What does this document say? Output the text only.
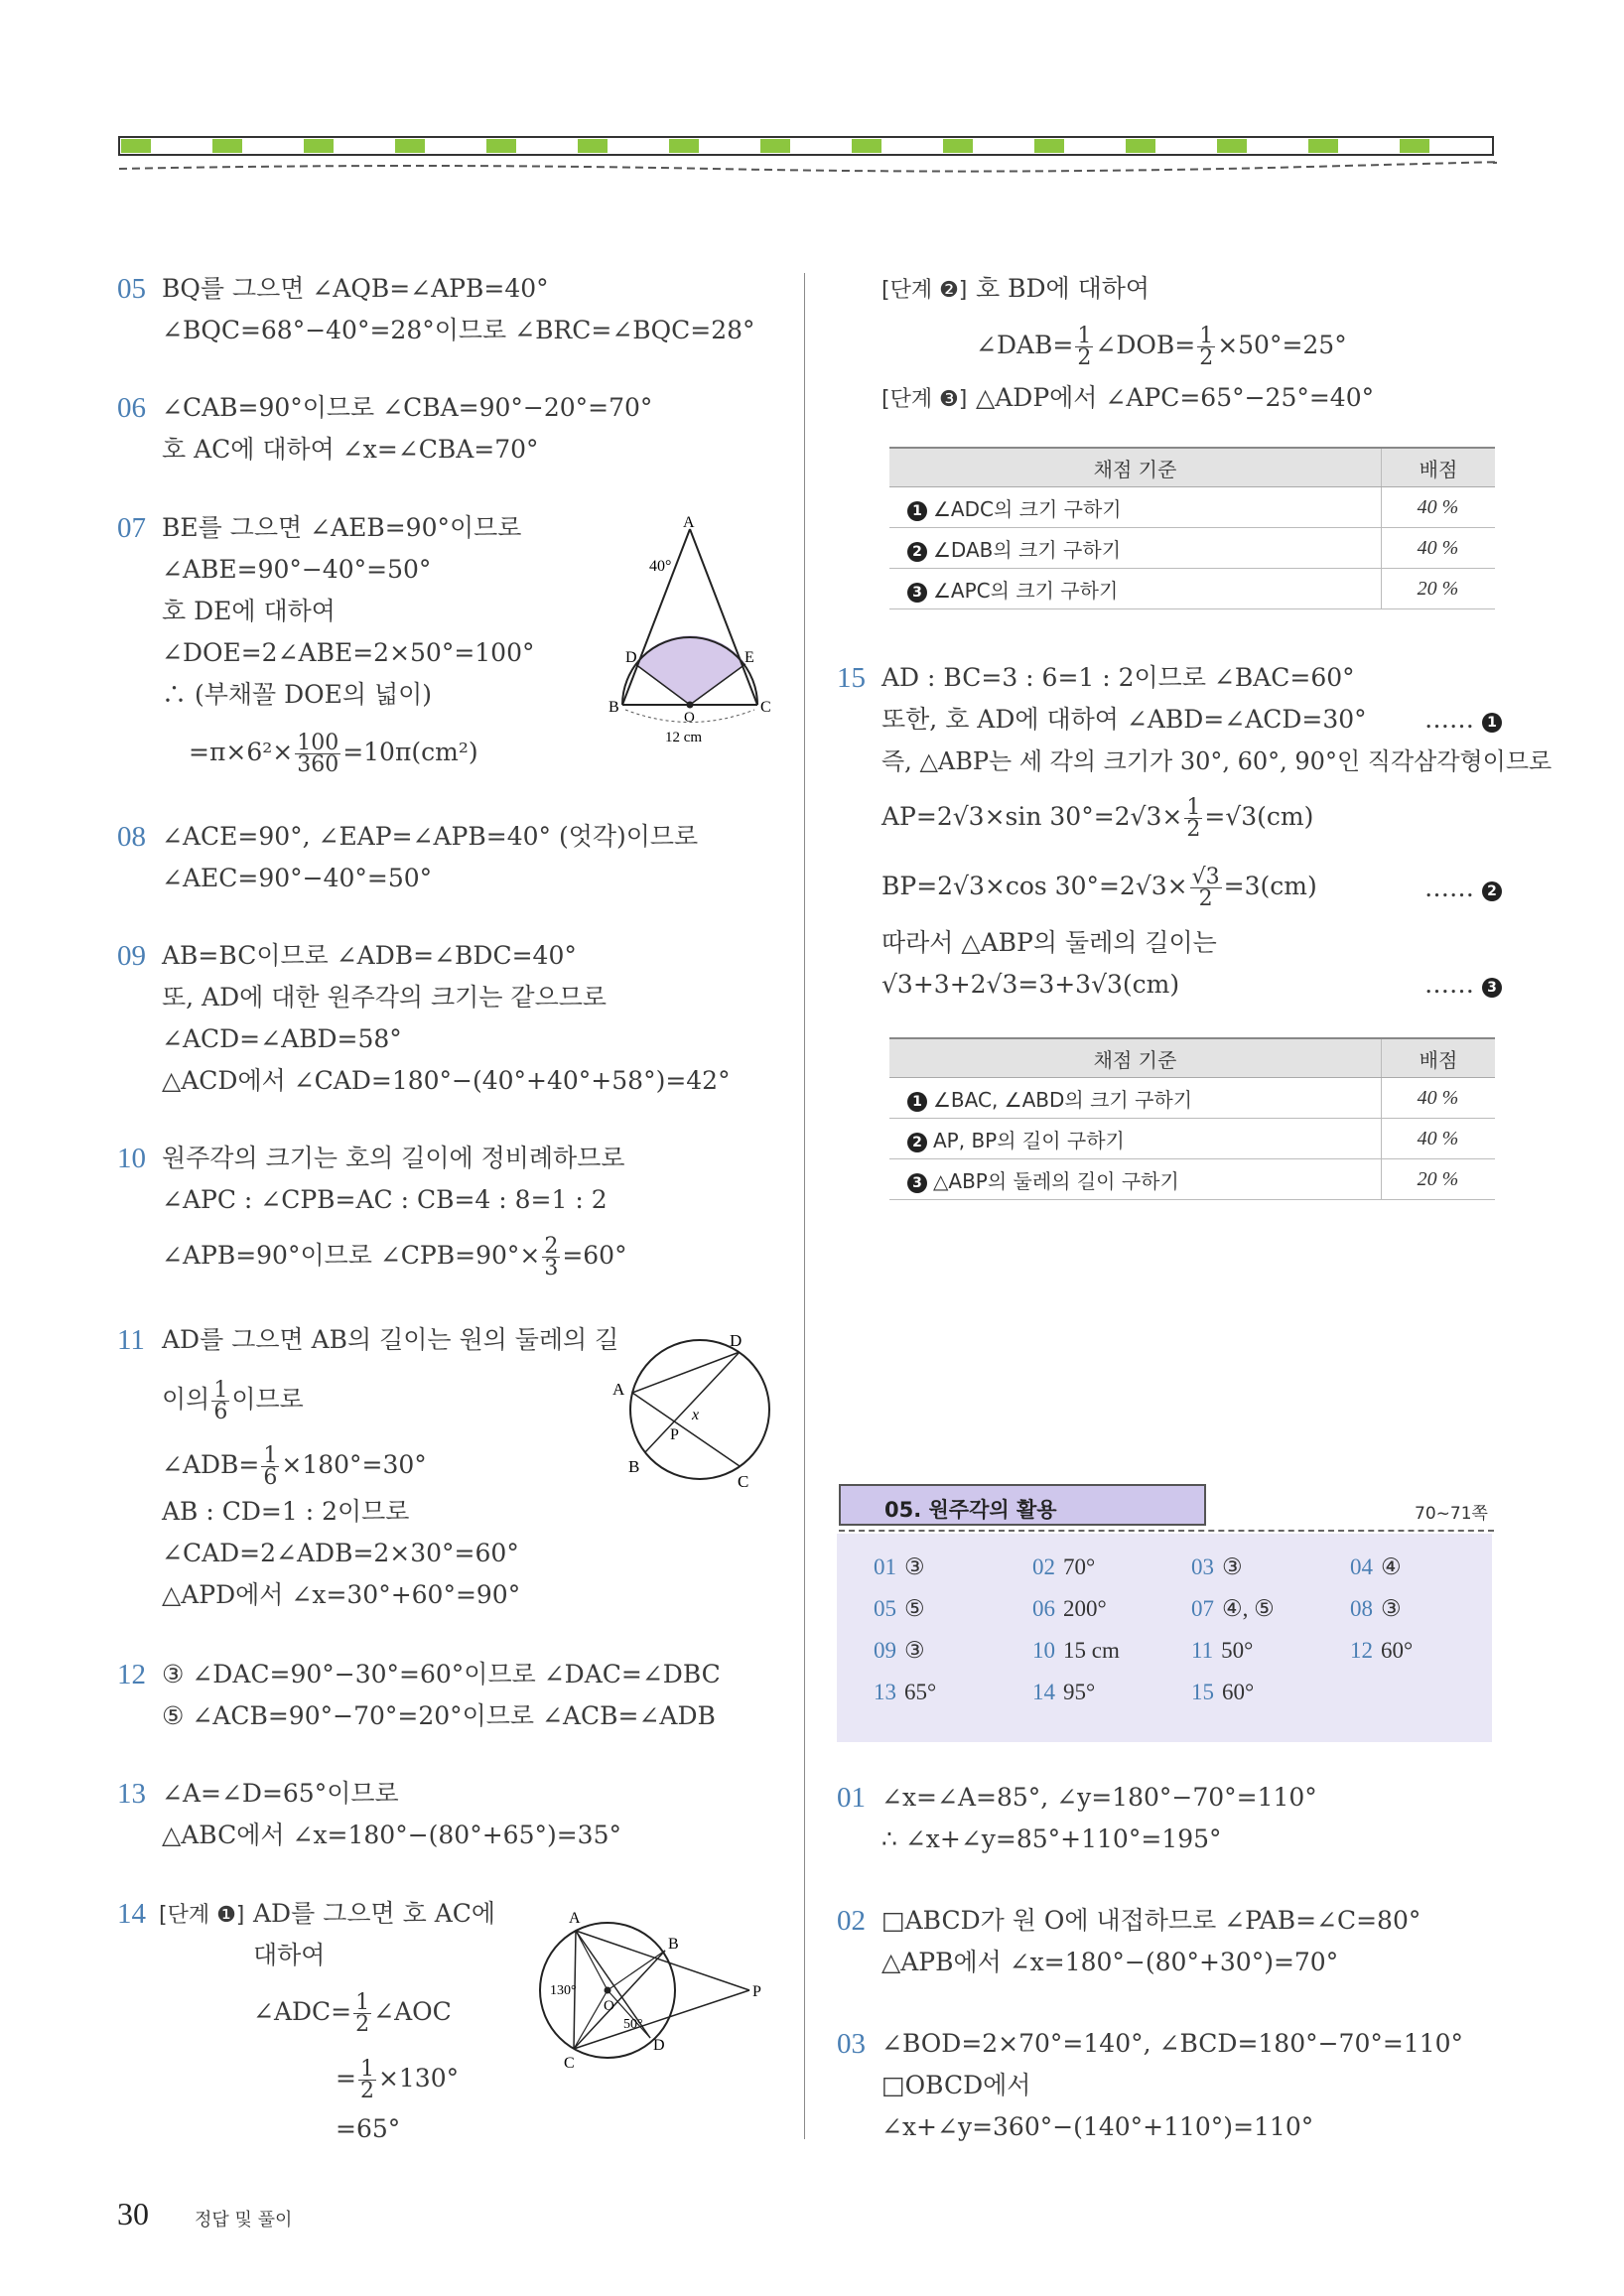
05 BQ를 그으면 ∠AQB=∠APB=40°
∠BQC=68°−40°=28°이므로 ∠BRC=∠BQC=28°
06 ∠CAB=90°이므로 ∠CBA=90°−20°=70°
호 AC에 대하여 ∠x=∠CBA=70°
07 BE를 그으면 ∠AEB=90°이므로
∠ABE=90°−40°=50°
호 DE에 대하여
∠DOE=2∠ABE=2×50°=100°
∴ (부채꼴 DOE의 넓이)
$=\pi\times 6^2\times \frac{100}{360} =10\pi(cm^2)$
A
40°
D	E
B	C
O
12 cm
08 ∠ACE=90°, ∠EAP=∠APB=40° (엇각)이므로
∠AEC=90°−40°=50°
09 AB=BC이므로 ∠ADB=∠BDC=40°
또, AD에 대한 원주각의 크기는 같으므로
∠ACD=∠ABD=58°
△ACD에서 ∠CAD=180°−(40°+40°+58°)=42°
10 원주각의 크기는 호의 길이에 정비례하므로
∠APC : ∠CPB=AC : CB=4 : 8=1 : 2
∠APB=90°이므로 ∠CPB=90°× $\frac{2}{3} =60^\circ$
11 AD를 그으면 AB의 길이는 원의 둘레의 길
이의 $\frac{1}{6}$ 이므로
∠ADB= $\frac{1}{6} \times 180^\circ=30^\circ$
AB : CD=1 : 2이므로
∠CAD=2∠ADB=2×30°=60°
△APD에서 ∠x=30°+60°=90°
D
A
B
C
P
x
12 ③ ∠DAC=90°−30°=60°이므로 ∠DAC=∠DBC
⑤ ∠ACB=90°−70°=20°이므로 ∠ACB=∠ADB
13 ∠A=∠D=65°이므로
△ABC에서 ∠x=180°−(80°+65°)=35°
14 [단계 ❶] AD를 그으면 호 AC에
대하여
∠ADC= $\frac{1}{2}$ ∠AOC
= $\frac{1}{2} \times 130^\circ$
=65°
A
B
P
D
C
O
130°
50°
[단계 ❷] 호 BD에 대하여
∠DAB= $\frac{1}{2}$ ∠DOB= $\frac{1}{2} \times 50^\circ=25^\circ$
[단계 ❸] △ADP에서 ∠APC=65°−25°=40°
채점 기준	배점
1 ∠ADC의 크기 구하기	40 %
2 ∠DAB의 크기 구하기	40 %
3 ∠APC의 크기 구하기	20 %
15 AD : BC=3 : 6=1 : 2이므로 ∠BAC=60°
또한, 호 AD에 대하여 ∠ABD=∠ACD=30° …… 1
즉, △ABP는 세 각의 크기가 30°, 60°, 90°인 직각삼각형이므로
AP=2√3×sin $30^\circ=2√3\times \frac{1}{2} =√3(cm)$
BP=2√3×cos $30^\circ=2√3\times \frac{√3}{2} =3(cm)$	…… 2
따라서 △ABP의 둘레의 길이는
√3+3+2√3=3+3√3(cm)	…… 3
채점 기준	배점
1 ∠BAC, ∠ABD의 크기 구하기	40 %
2 AP, BP의 길이 구하기	40 %
3 △ABP의 둘레의 길이 구하기	20 %
05. 원주각의 활용	70~71쪽
01 ③	02 70°	03 ③	04 ④
05 ⑤	06 200°	07 ④, ⑤	08 ③
09 ③	10 15 cm	11 50°	12 60°
13 65°	14 95°	15 60°
01 ∠x=∠A=85°, ∠y=180°−70°=110°
∴ ∠x+∠y=85°+110°=195°
02 □ABCD가 원 O에 내접하므로 ∠PAB=∠C=80°
△APB에서 ∠x=180°−(80°+30°)=70°
03 ∠BOD=2×70°=140°, ∠BCD=180°−70°=110°
□OBCD에서
∠x+∠y=360°−(140°+110°)=110°
30	정답 및 풀이
